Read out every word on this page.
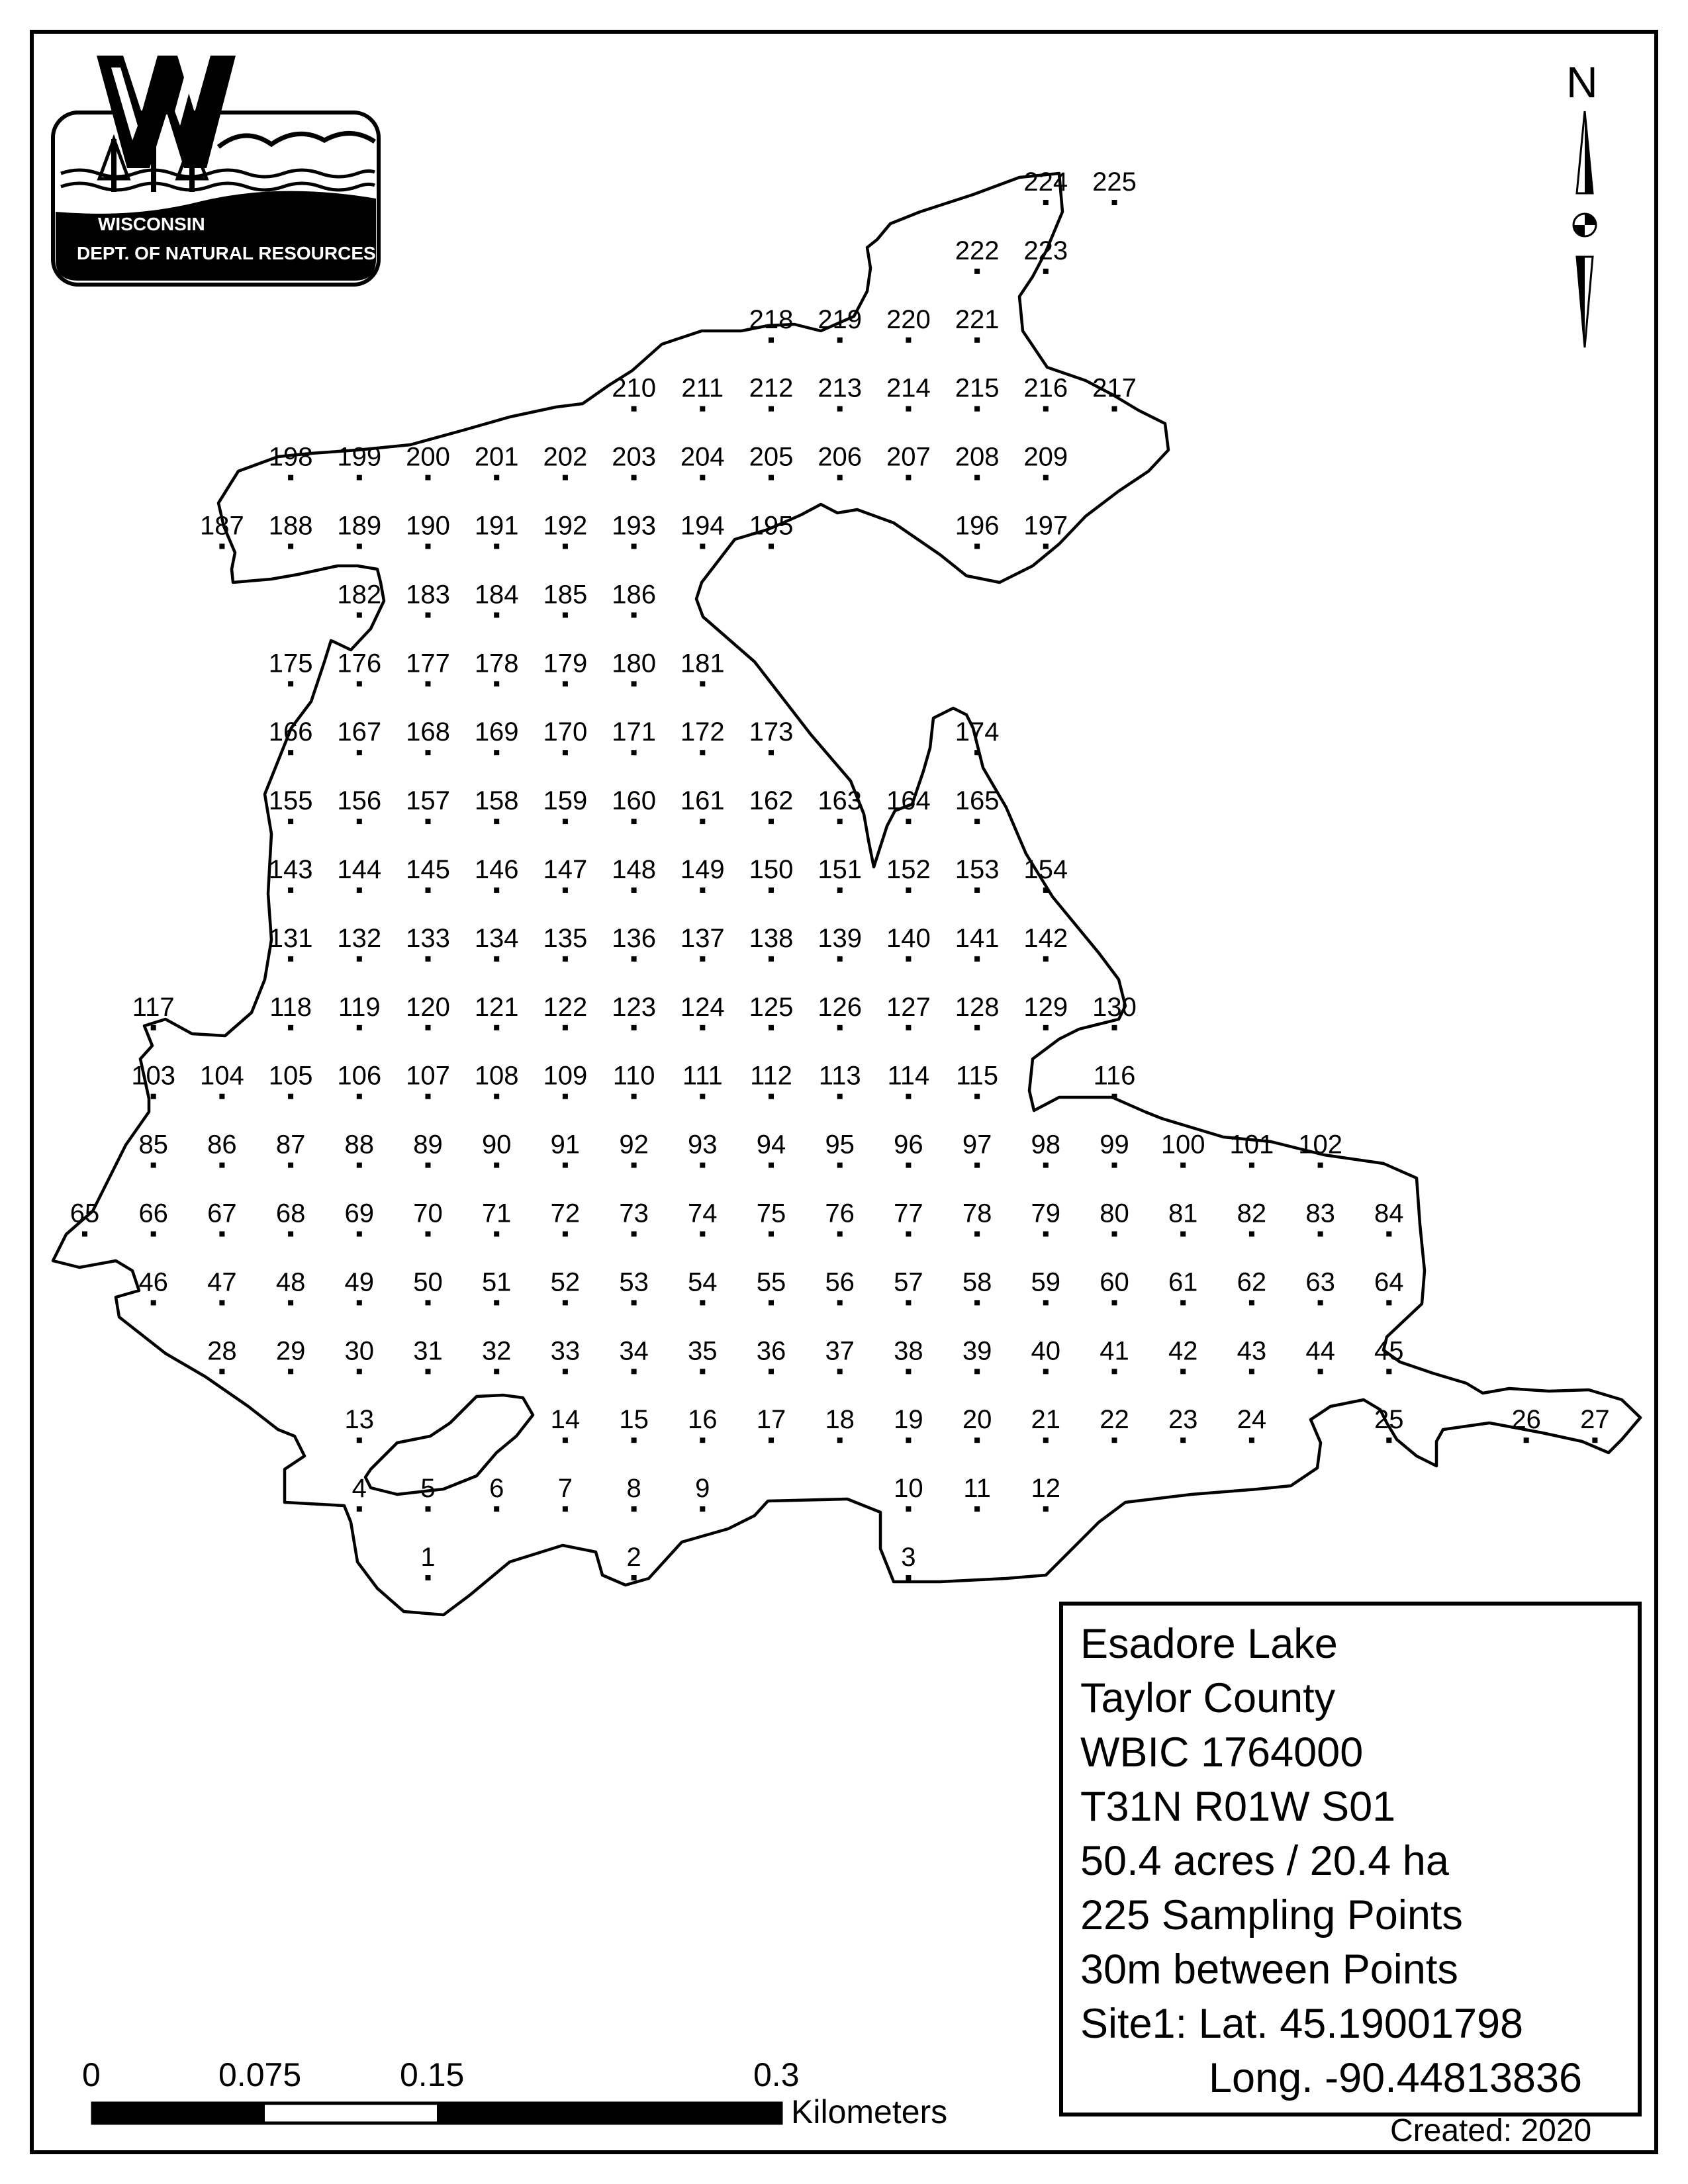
WISCONSIN
DEPT. OF NATURAL RESOURCES
224 225
222 223
218 219 220 221
210 211 212 213 214 215 216 217
198 199 200 201 202 203 204 205 206 207 208 209
187 188 189 190 191 192 193 194 195	196 197
182 183 184 185 186
175 176 177 178 179 180 181
166 167 168 169 170 171 172 173	174
155 156 157 158 159 160 161 162 163 164 165
143 144 145 146 147 148 149 150 151 152 153 154
131 132 133 134 135 136 137 138 139 140 141 142
117	118 119 120 121 122 123 124 125 126 127 128 129 130
103 104 105 106 107 108 109 110 111 112 113 114 115	116
85 86 87 88 89 90 91 92 93 94 95 96 97 98 99 100 101 102
65 66 67 68 69 70 71 72 73 74 75 76 77 78 79 80 81 82 83 84
46 47 48 49 50 51 52 53 54 55 56 57 58 59 60 61 62 63 64
28 29 30 31 32 33 34 35 36 37 38 39 40 41 42 43 44 45
13	14 15 16 17 18 19 20 21 22 23 24	25	26 27
4 5 6 7 8 9	10 11 12
1	2	3
N
0	0.075	0.15	0.3
Kilometers
Esadore Lake
Taylor County
WBIC 1764000
T31N R01W S01
50.4 acres / 20.4 ha
225 Sampling Points
30m between Points
Site1: Lat. 45.19001798
Long. -90.44813836
Created: 2020
